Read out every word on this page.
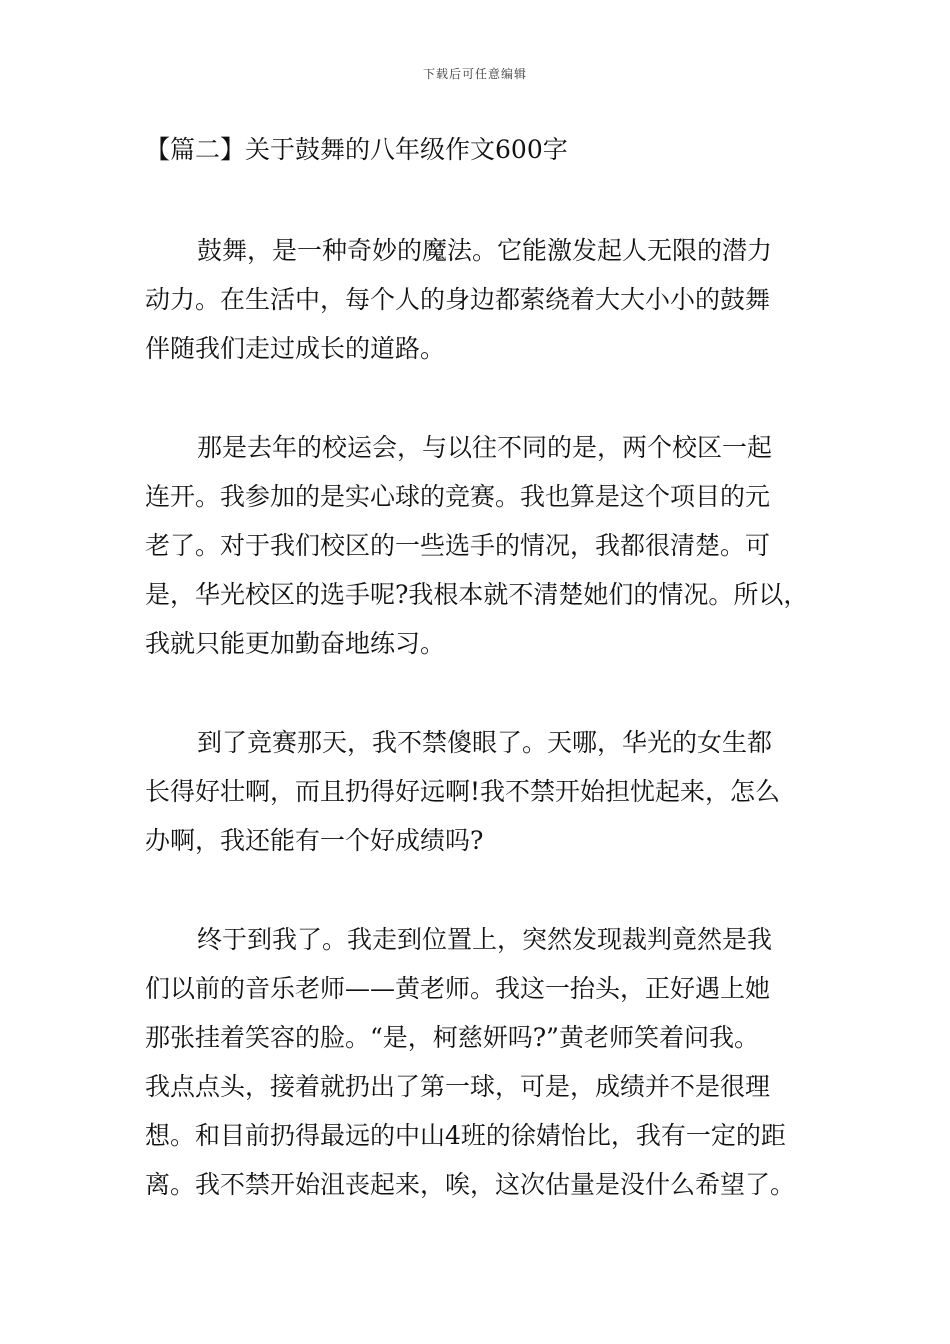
下载后可任意编辑
【篇二】关于鼓舞的八年级作文600字
鼓舞，是一种奇妙的魔法。它能激发起人无限的潜力
动力。在生活中，每个人的身边都萦绕着大大小小的鼓舞
伴随我们走过成长的道路。
那是去年的校运会，与以往不同的是，两个校区一起
连开。我参加的是实心球的竞赛。我也算是这个项目的元
老了。对于我们校区的一些选手的情况，我都很清楚。可
是，华光校区的选手呢?我根本就不清楚她们的情况。所以，
我就只能更加勤奋地练习。
到了竞赛那天，我不禁傻眼了。天哪，华光的女生都
长得好壮啊，而且扔得好远啊!我不禁开始担忧起来，怎么
办啊，我还能有一个好成绩吗?
终于到我了。我走到位置上，突然发现裁判竟然是我
们以前的音乐老师——黄老师。我这一抬头，正好遇上她
那张挂着笑容的脸。“是，柯慈妍吗?”黄老师笑着问我。
我点点头，接着就扔出了第一球，可是，成绩并不是很理
想。和目前扔得最远的中山4班的徐婧怡比，我有一定的距
离。我不禁开始沮丧起来，唉，这次估量是没什么希望了。
